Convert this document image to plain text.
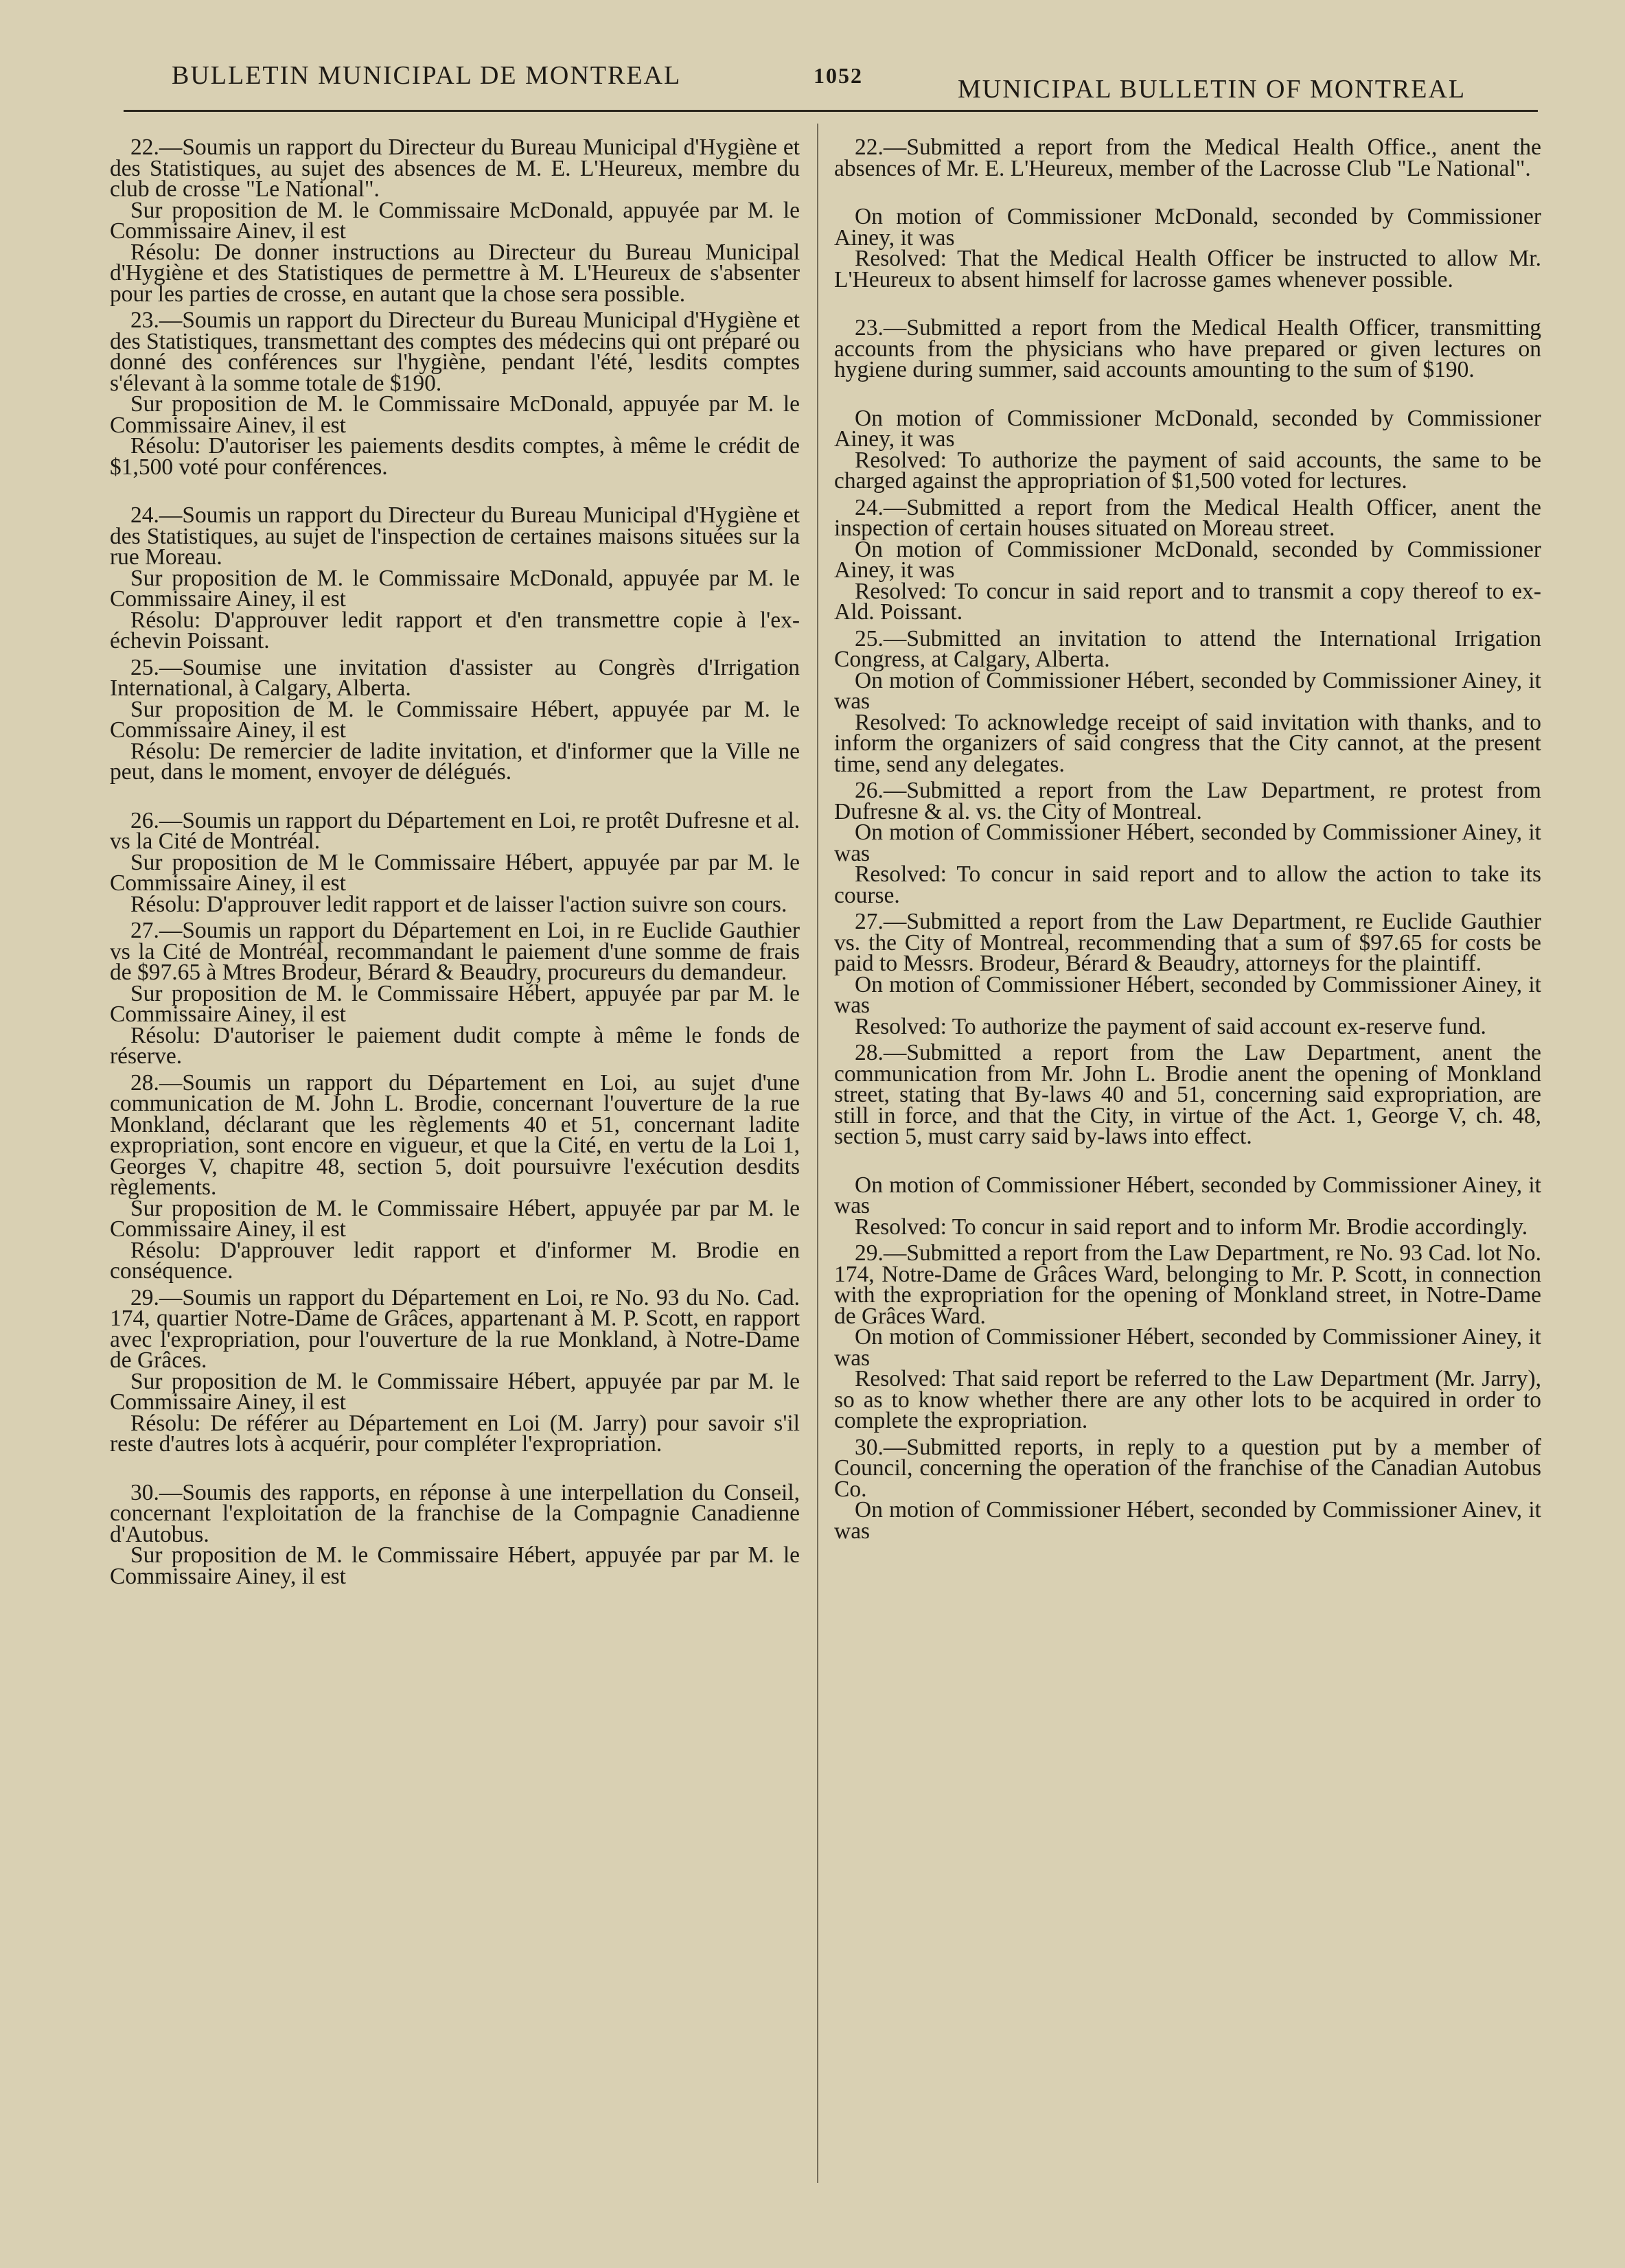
BULLETIN MUNICIPAL DE MONTREAL	1052	MUNICIPAL BULLETIN OF MONTREAL

22.—Soumis un rapport du Directeur du Bureau Municipal d'Hygiène et des Statistiques, au sujet des absences de M. E. L'Heureux, membre du club de crosse "Le National".

Sur proposition de M. le Commissaire McDonald, appuyée par M. le Commissaire Ainev, il est

Résolu: De donner instructions au Directeur du Bureau Municipal d'Hygiène et des Statistiques de permettre à M. L'Heureux de s'absenter pour les parties de crosse, en autant que la chose sera possible.

23.—Soumis un rapport du Directeur du Bureau Municipal d'Hygiène et des Statistiques, transmettant des comptes des médecins qui ont préparé ou donné des conférences sur l'hygiène, pendant l'été, lesdits comptes s'élevant à la somme totale de $190.

Sur proposition de M. le Commissaire McDonald, appuyée par M. le Commissaire Ainev, il est

Résolu: D'autoriser les paiements desdits comptes, à même le crédit de $1,500 voté pour conférences.

24.—Soumis un rapport du Directeur du Bureau Municipal d'Hygiène et des Statistiques, au sujet de l'inspection de certaines maisons situées sur la rue Moreau.

Sur proposition de M. le Commissaire McDonald, appuyée par M. le Commissaire Ainey, il est

Résolu: D'approuver ledit rapport et d'en transmettre copie à l'ex-échevin Poissant.

25.—Soumise une invitation d'assister au Congrès d'Irrigation International, à Calgary, Alberta.

Sur proposition de M. le Commissaire Hébert, appuyée par M. le Commissaire Ainey, il est

Résolu: De remercier de ladite invitation, et d'informer que la Ville ne peut, dans le moment, envoyer de délégués.

26.—Soumis un rapport du Département en Loi, re protêt Dufresne et al. vs la Cité de Montréal.

Sur proposition de M le Commissaire Hébert, appuyée par par M. le Commissaire Ainey, il est

Résolu: D'approuver ledit rapport et de laisser l'action suivre son cours.

27.—Soumis un rapport du Département en Loi, in re Euclide Gauthier vs la Cité de Montréal, recommandant le paiement d'une somme de frais de $97.65 à Mtres Brodeur, Bérard & Beaudry, procureurs du demandeur.

Sur proposition de M. le Commissaire Hébert, appuyée par par M. le Commissaire Ainey, il est

Résolu: D'autoriser le paiement dudit compte à même le fonds de réserve.

28.—Soumis un rapport du Département en Loi, au sujet d'une communication de M. John L. Brodie, concernant l'ouverture de la rue Monkland, déclarant que les règlements 40 et 51, concernant ladite expropriation, sont encore en vigueur, et que la Cité, en vertu de la Loi 1, Georges V, chapitre 48, section 5, doit poursuivre l'exécution desdits règlements.

Sur proposition de M. le Commissaire Hébert, appuyée par par M. le Commissaire Ainey, il est

Résolu: D'approuver ledit rapport et d'informer M. Brodie en conséquence.

29.—Soumis un rapport du Département en Loi, re No. 93 du No. Cad. 174, quartier Notre-Dame de Grâces, appartenant à M. P. Scott, en rapport avec l'expropriation, pour l'ouverture de la rue Monkland, à Notre-Dame de Grâces.

Sur proposition de M. le Commissaire Hébert, appuyée par par M. le Commissaire Ainey, il est

Résolu: De référer au Département en Loi (M. Jarry) pour savoir s'il reste d'autres lots à acquérir, pour compléter l'expropriation.

30.—Soumis des rapports, en réponse à une interpellation du Conseil, concernant l'exploitation de la franchise de la Compagnie Canadienne d'Autobus.

Sur proposition de M. le Commissaire Hébert, appuyée par par M. le Commissaire Ainey, il est

22.—Submitted a report from the Medical Health Office., anent the absences of Mr. E. L'Heureux, member of the Lacrosse Club "Le National".

On motion of Commissioner McDonald, seconded by Commissioner Ainey, it was

Resolved: That the Medical Health Officer be instructed to allow Mr. L'Heureux to absent himself for lacrosse games whenever possible.

23.—Submitted a report from the Medical Health Officer, transmitting accounts from the physicians who have prepared or given lectures on hygiene during summer, said accounts amounting to the sum of $190.

On motion of Commissioner McDonald, seconded by Commissioner Ainey, it was

Resolved: To authorize the payment of said accounts, the same to be charged against the appropriation of $1,500 voted for lectures.

24.—Submitted a report from the Medical Health Officer, anent the inspection of certain houses situated on Moreau street.

On motion of Commissioner McDonald, seconded by Commissioner Ainey, it was

Resolved: To concur in said report and to transmit a copy thereof to ex-Ald. Poissant.

25.—Submitted an invitation to attend the International Irrigation Congress, at Calgary, Alberta.

On motion of Commissioner Hébert, seconded by Commissioner Ainey, it was

Resolved: To acknowledge receipt of said invitation with thanks, and to inform the organizers of said congress that the City cannot, at the present time, send any delegates.

26.—Submitted a report from the Law Department, re protest from Dufresne & al. vs. the City of Montreal.

On motion of Commissioner Hébert, seconded by Commissioner Ainey, it was

Resolved: To concur in said report and to allow the action to take its course.

27.—Submitted a report from the Law Department, re Euclide Gauthier vs. the City of Montreal, recommending that a sum of $97.65 for costs be paid to Messrs. Brodeur, Bérard & Beaudry, attorneys for the plaintiff.

On motion of Commissioner Hébert, seconded by Commissioner Ainey, it was

Resolved: To authorize the payment of said account ex-reserve fund.

28.—Submitted a report from the Law Department, anent the communication from Mr. John L. Brodie anent the opening of Monkland street, stating that By-laws 40 and 51, concerning said expropriation, are still in force, and that the City, in virtue of the Act. 1, George V, ch. 48, section 5, must carry said by-laws into effect.

On motion of Commissioner Hébert, seconded by Commissioner Ainey, it was

Resolved: To concur in said report and to inform Mr. Brodie accordingly.

29.—Submitted a report from the Law Department, re No. 93 Cad. lot No. 174, Notre-Dame de Grâces Ward, belonging to Mr. P. Scott, in connection with the expropriation for the opening of Monkland street, in Notre-Dame de Grâces Ward.

On motion of Commissioner Hébert, seconded by Commissioner Ainey, it was

Resolved: That said report be referred to the Law Department (Mr. Jarry), so as to know whether there are any other lots to be acquired in order to complete the expropriation.

30.—Submitted reports, in reply to a question put by a member of Council, concerning the operation of the franchise of the Canadian Autobus Co.

On motion of Commissioner Hébert, seconded by Commissioner Ainev, it was
